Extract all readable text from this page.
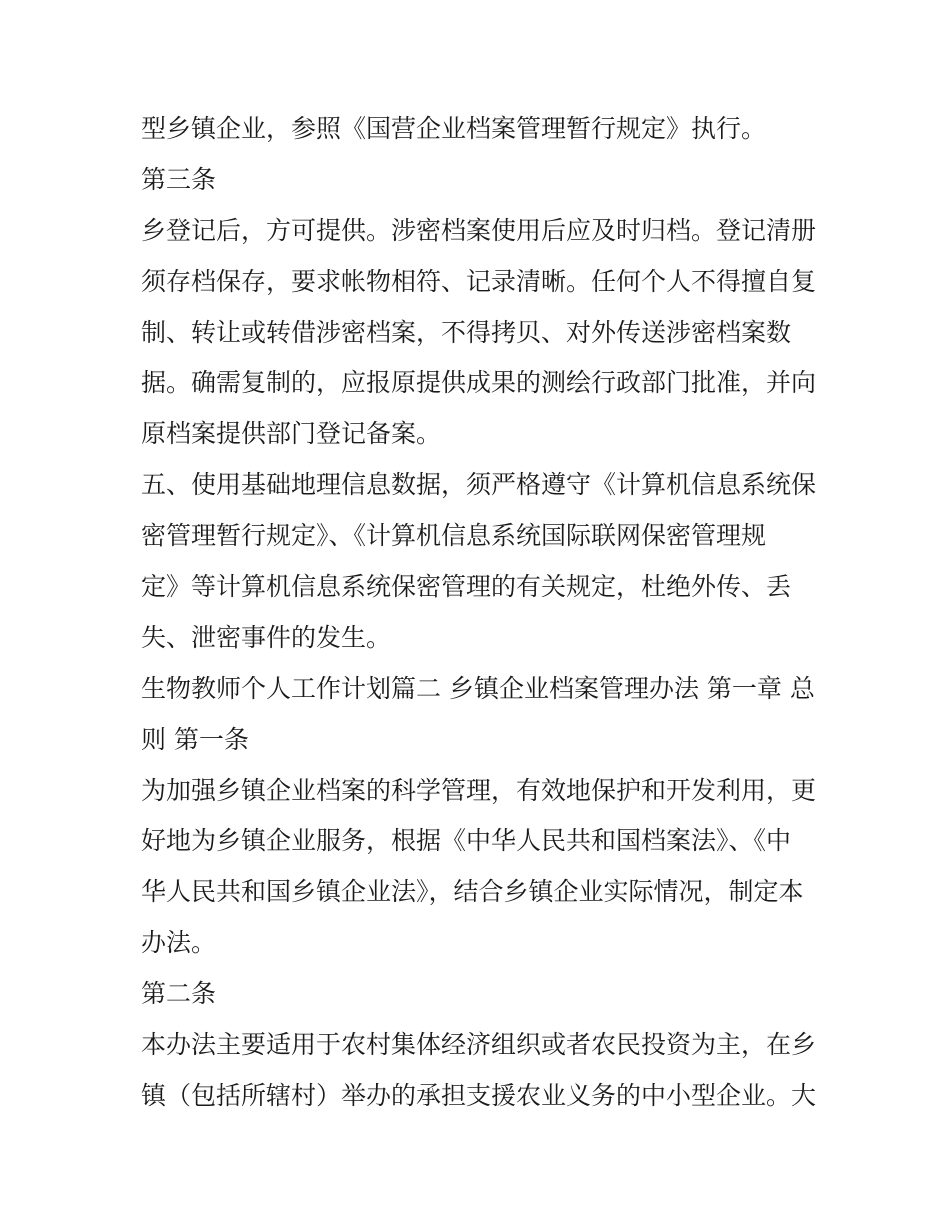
型乡镇企业，参照《国营企业档案管理暂行规定》执行。

第三条

乡登记后，方可提供。涉密档案使用后应及时归档。登记清册

须存档保存，要求帐物相符、记录清晰。任何个人不得擅自复

制、转让或转借涉密档案，不得拷贝、对外传送涉密档案数

据。确需复制的，应报原提供成果的测绘行政部门批准，并向

原档案提供部门登记备案。

五、使用基础地理信息数据，须严格遵守《计算机信息系统保

密管理暂行规定》、《计算机信息系统国际联网保密管理规

定》等计算机信息系统保密管理的有关规定，杜绝外传、丢

失、泄密事件的发生。

生物教师个人工作计划篇二 乡镇企业档案管理办法 第一章 总

则 第一条

为加强乡镇企业档案的科学管理，有效地保护和开发利用，更

好地为乡镇企业服务，根据《中华人民共和国档案法》、《中

华人民共和国乡镇企业法》，结合乡镇企业实际情况，制定本

办法。

第二条

本办法主要适用于农村集体经济组织或者农民投资为主，在乡

镇（包括所辖村）举办的承担支援农业义务的中小型企业。大
